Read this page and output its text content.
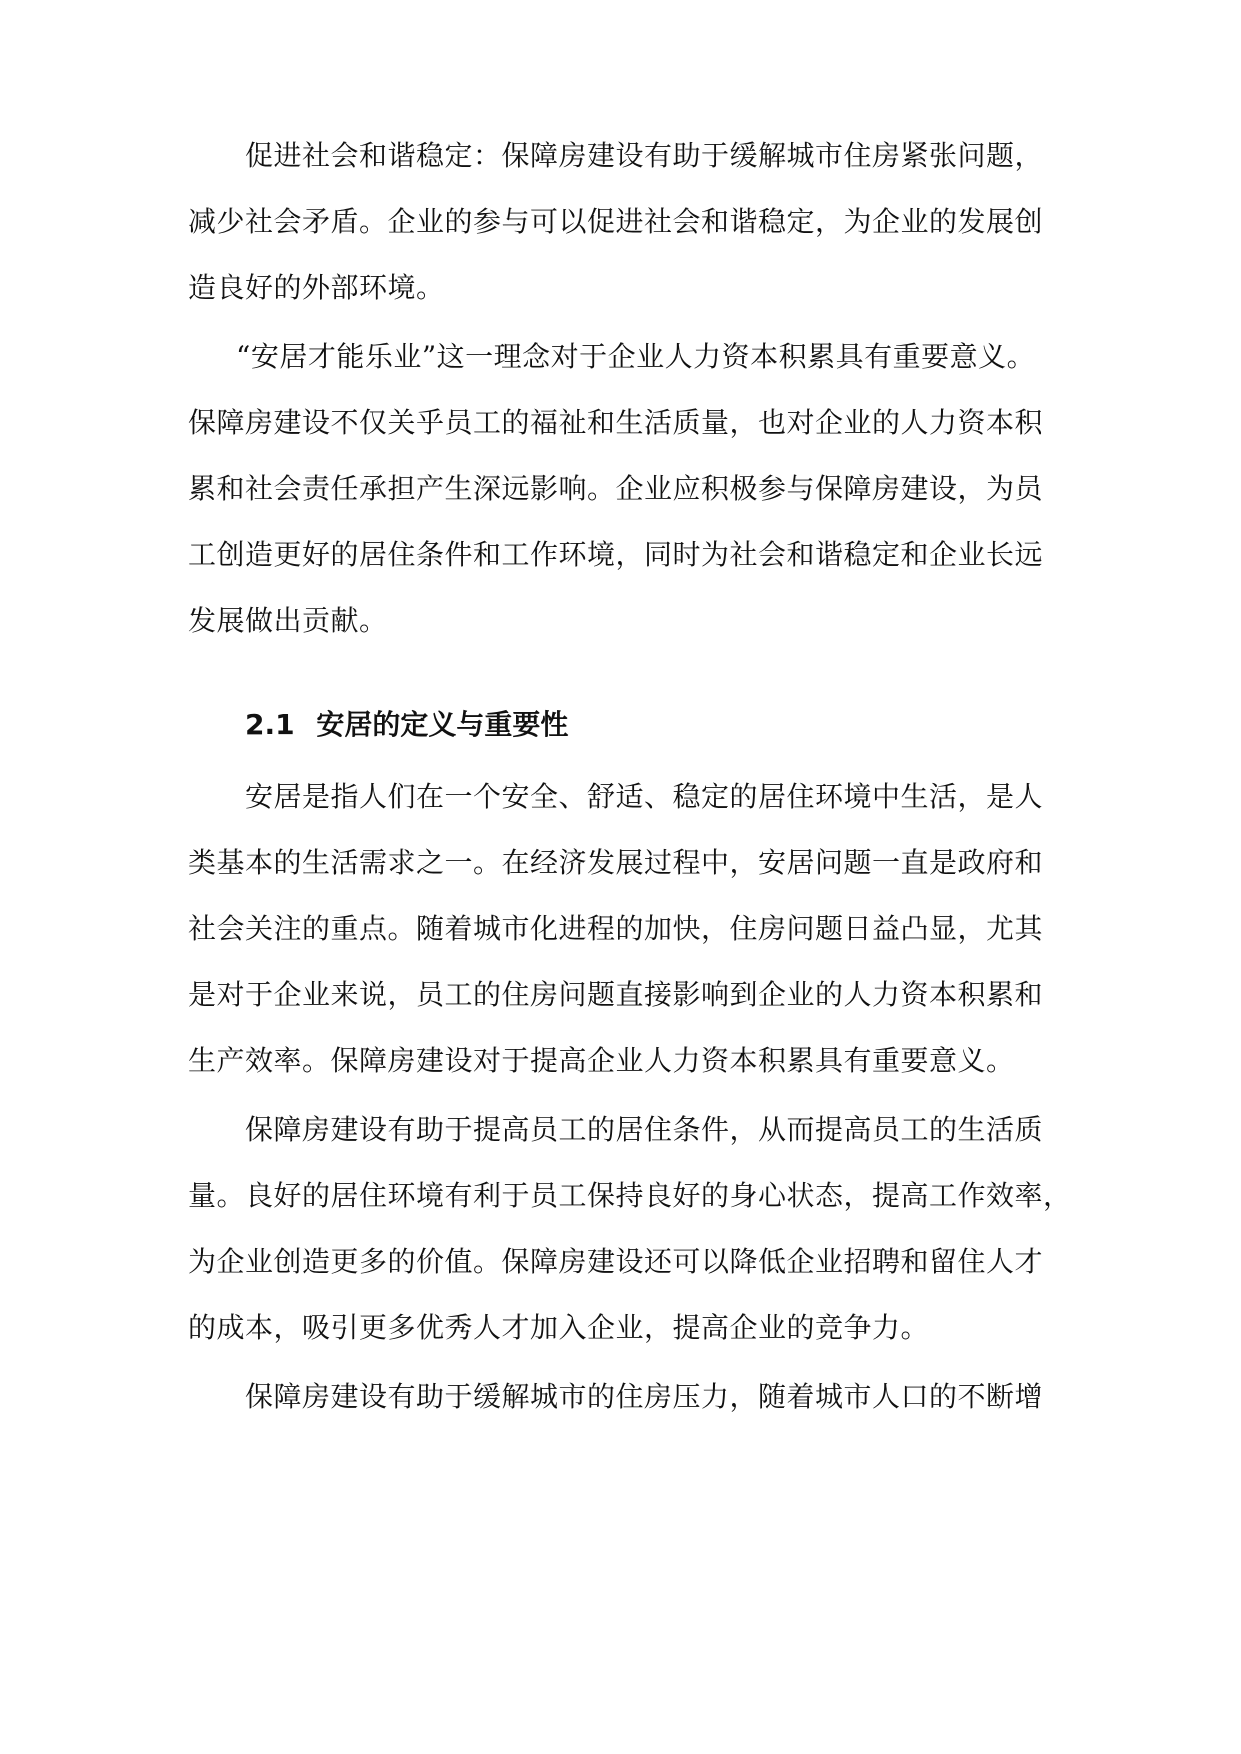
促进社会和谐稳定：保障房建设有助于缓解城市住房紧张问题，
减少社会矛盾。企业的参与可以促进社会和谐稳定，为企业的发展创
造良好的外部环境。
“安居才能乐业”这一理念对于企业人力资本积累具有重要意义。
保障房建设不仅关乎员工的福祉和生活质量，也对企业的人力资本积
累和社会责任承担产生深远影响。企业应积极参与保障房建设，为员
工创造更好的居住条件和工作环境，同时为社会和谐稳定和企业长远
发展做出贡献。
2.1 安居的定义与重要性
安居是指人们在一个安全、舒适、稳定的居住环境中生活，是人
类基本的生活需求之一。在经济发展过程中，安居问题一直是政府和
社会关注的重点。随着城市化进程的加快，住房问题日益凸显，尤其
是对于企业来说，员工的住房问题直接影响到企业的人力资本积累和
生产效率。保障房建设对于提高企业人力资本积累具有重要意义。
保障房建设有助于提高员工的居住条件，从而提高员工的生活质
量。良好的居住环境有利于员工保持良好的身心状态，提高工作效率，
为企业创造更多的价值。保障房建设还可以降低企业招聘和留住人才
的成本，吸引更多优秀人才加入企业，提高企业的竞争力。
保障房建设有助于缓解城市的住房压力，随着城市人口的不断增
